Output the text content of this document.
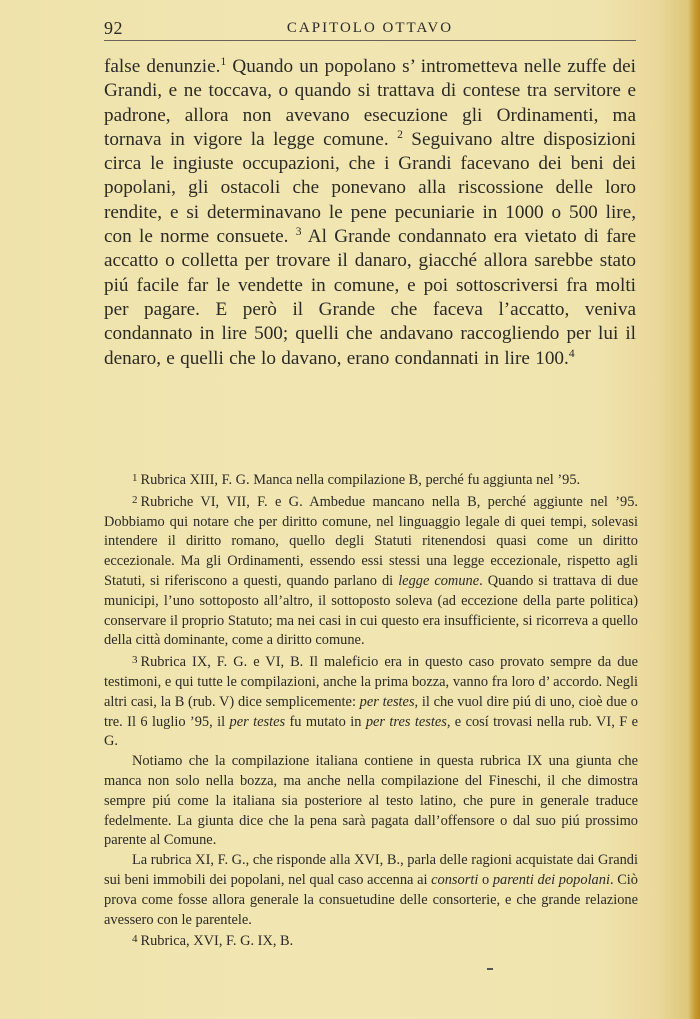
92	CAPITOLO OTTAVO

false denunzie.$^1$ Quando un popolano s’ intrometteva nelle zuffe dei Grandi, e ne toccava, o quando si trattava di contese tra servitore e padrone, allora non avevano esecuzione gli Ordinamenti, ma tornava in vigore la legge comune. $^2$ Seguivano altre disposizioni circa le ingiuste occupazioni, che i Grandi facevano dei beni dei popolani, gli ostacoli che ponevano alla riscossione delle loro rendite, e si determinavano le pene pecuniarie in 1000 o 500 lire, con le norme consuete. $^3$ Al Grande condannato era vietato di fare accatto o colletta per trovare il danaro, giacché allora sarebbe stato piú facile far le vendette in comune, e poi sottoscriversi fra molti per pagare. E però il Grande che faceva l’accatto, veniva condannato in lire 500; quelli che andavano raccogliendo per lui il denaro, e quelli che lo davano, erano condannati in lire 100.$^4$

$^1$ Rubrica XIII, F. G. Manca nella compilazione B, perché fu aggiunta nel ’95.

$^2$ Rubriche VI, VII, F. e G. Ambedue mancano nella B, perché aggiunte nel ’95. Dobbiamo qui notare che per diritto comune, nel linguaggio legale di quei tempi, solevasi intendere il diritto romano, quello degli Statuti ritenendosi quasi come un diritto eccezionale. Ma gli Ordinamenti, essendo essi stessi una legge eccezionale, rispetto agli Statuti, si riferiscono a questi, quando parlano di legge comune. Quando si trattava di due municipi, l’uno sottoposto all’altro, il sottoposto soleva (ad eccezione della parte politica) conservare il proprio Statuto; ma nei casi in cui questo era insufficiente, si ricorreva a quello della città dominante, come a diritto comune.

$^3$ Rubrica IX, F. G. e VI, B. Il maleficio era in questo caso provato sempre da due testimoni, e qui tutte le compilazioni, anche la prima bozza, vanno fra loro d’ accordo. Negli altri casi, la B (rub. V) dice semplicemente: per testes, il che vuol dire piú di uno, cioè due o tre. Il 6 luglio ’95, il per testes fu mutato in per tres testes, e cosí trovasi nella rub. VI, F e G.

Notiamo che la compilazione italiana contiene in questa rubrica IX una giunta che manca non solo nella bozza, ma anche nella compilazione del Fineschi, il che dimostra sempre piú come la italiana sia posteriore al testo latino, che pure in generale traduce fedelmente. La giunta dice che la pena sarà pagata dall’offensore o dal suo piú prossimo parente al Comune.

La rubrica XI, F. G., che risponde alla XVI, B., parla delle ragioni acquistate dai Grandi sui beni immobili dei popolani, nel qual caso accenna ai consorti o parenti dei popolani. Ciò prova come fosse allora generale la consuetudine delle consorterie, e che grande relazione avessero con le parentele.

$^4$ Rubrica, XVI, F. G. IX, B.
